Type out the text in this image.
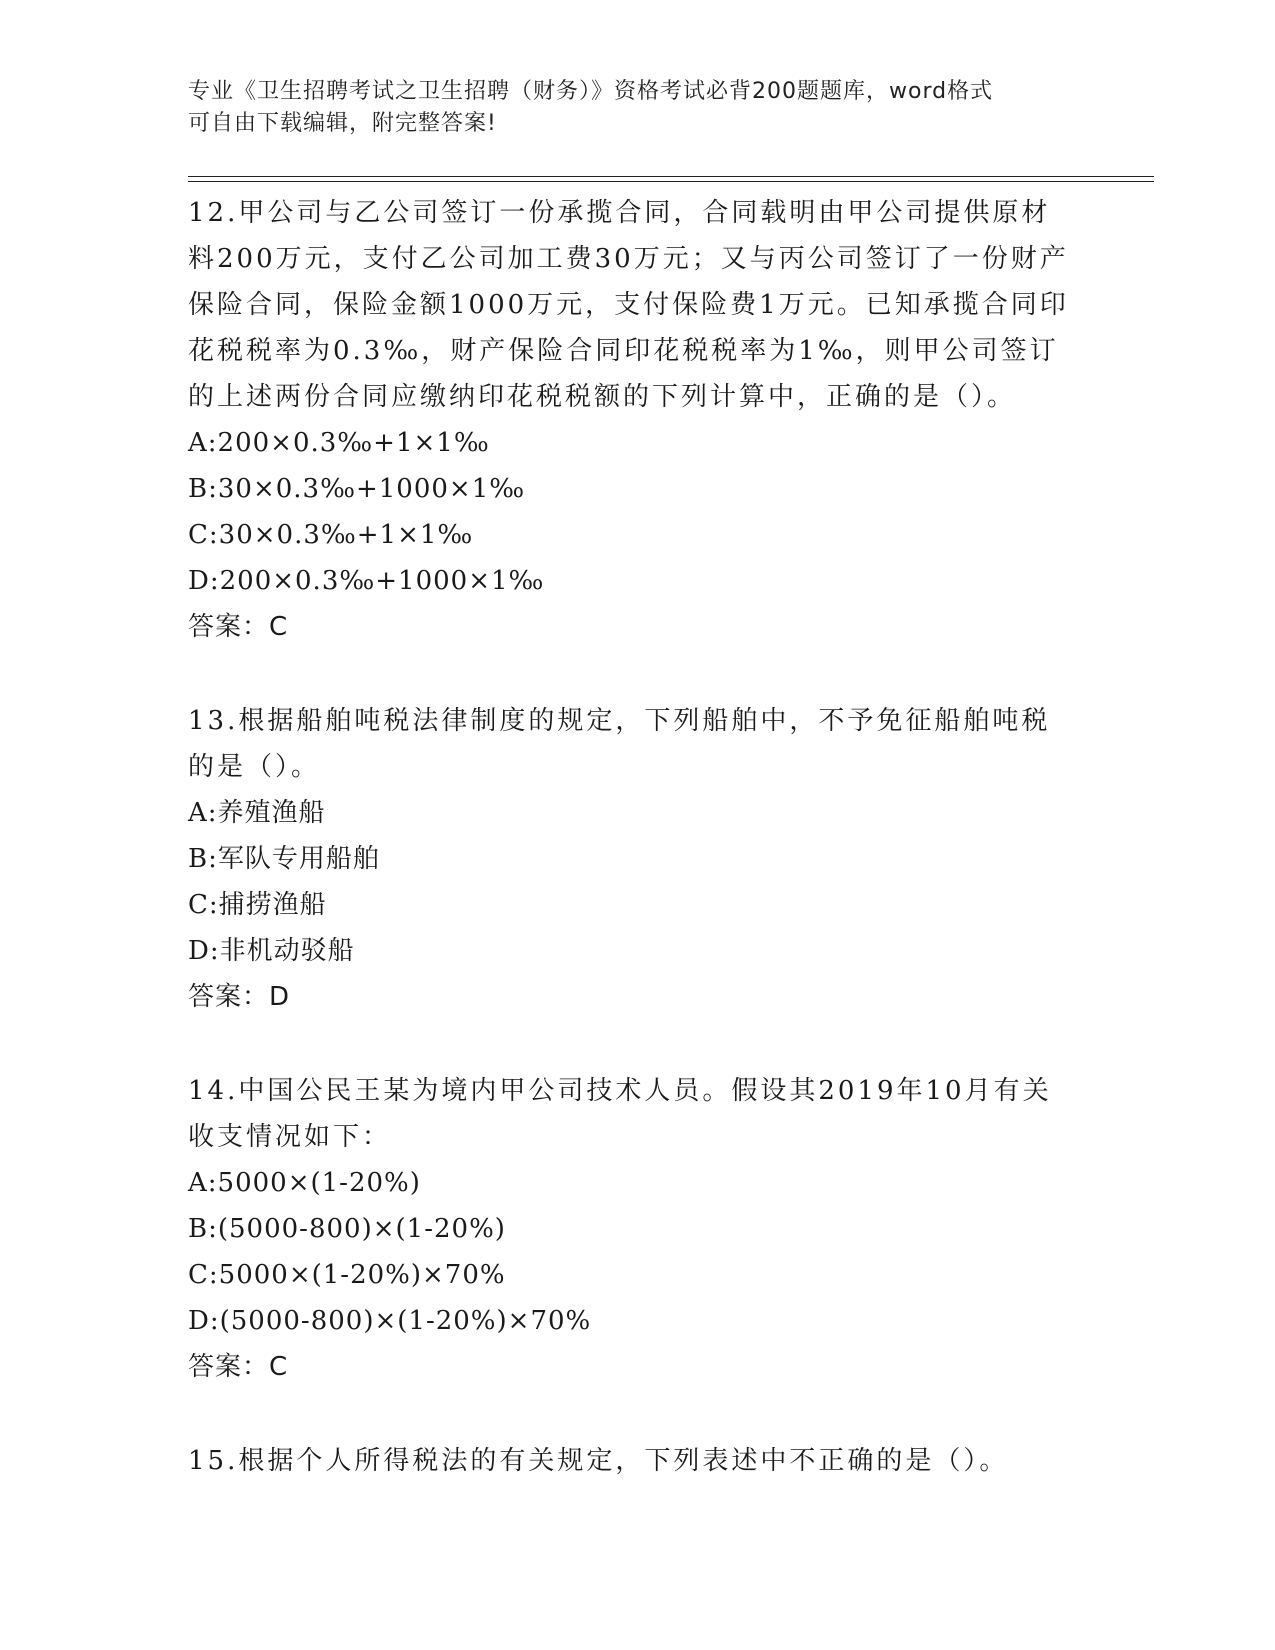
专业《卫生招聘考试之卫生招聘（财务）》资格考试必背200题题库，word格式
可自由下载编辑，附完整答案!
12.甲公司与乙公司签订一份承揽合同，合同载明由甲公司提供原材料200万元，支付乙公司加工费30万元；又与丙公司签订了一份财产保险合同，保险金额1000万元，支付保险费1万元。已知承揽合同印花税税率为0.3‰，财产保险合同印花税税率为1‰，则甲公司签订的上述两份合同应缴纳印花税税额的下列计算中，正确的是（）。
A:200×0.3‰+1×1‰
B:30×0.3‰+1000×1‰
C:30×0.3‰+1×1‰
D:200×0.3‰+1000×1‰
答案：C
13.根据船舶吨税法律制度的规定，下列船舶中，不予免征船舶吨税的是（）。
A:养殖渔船
B:军队专用船舶
C:捕捞渔船
D:非机动驳船
答案：D
14.中国公民王某为境内甲公司技术人员。假设其2019年10月有关收支情况如下：
A:5000×(1-20%)
B:(5000-800)×(1-20%)
C:5000×(1-20%)×70%
D:(5000-800)×(1-20%)×70%
答案：C
15.根据个人所得税法的有关规定，下列表述中不正确的是（）。
